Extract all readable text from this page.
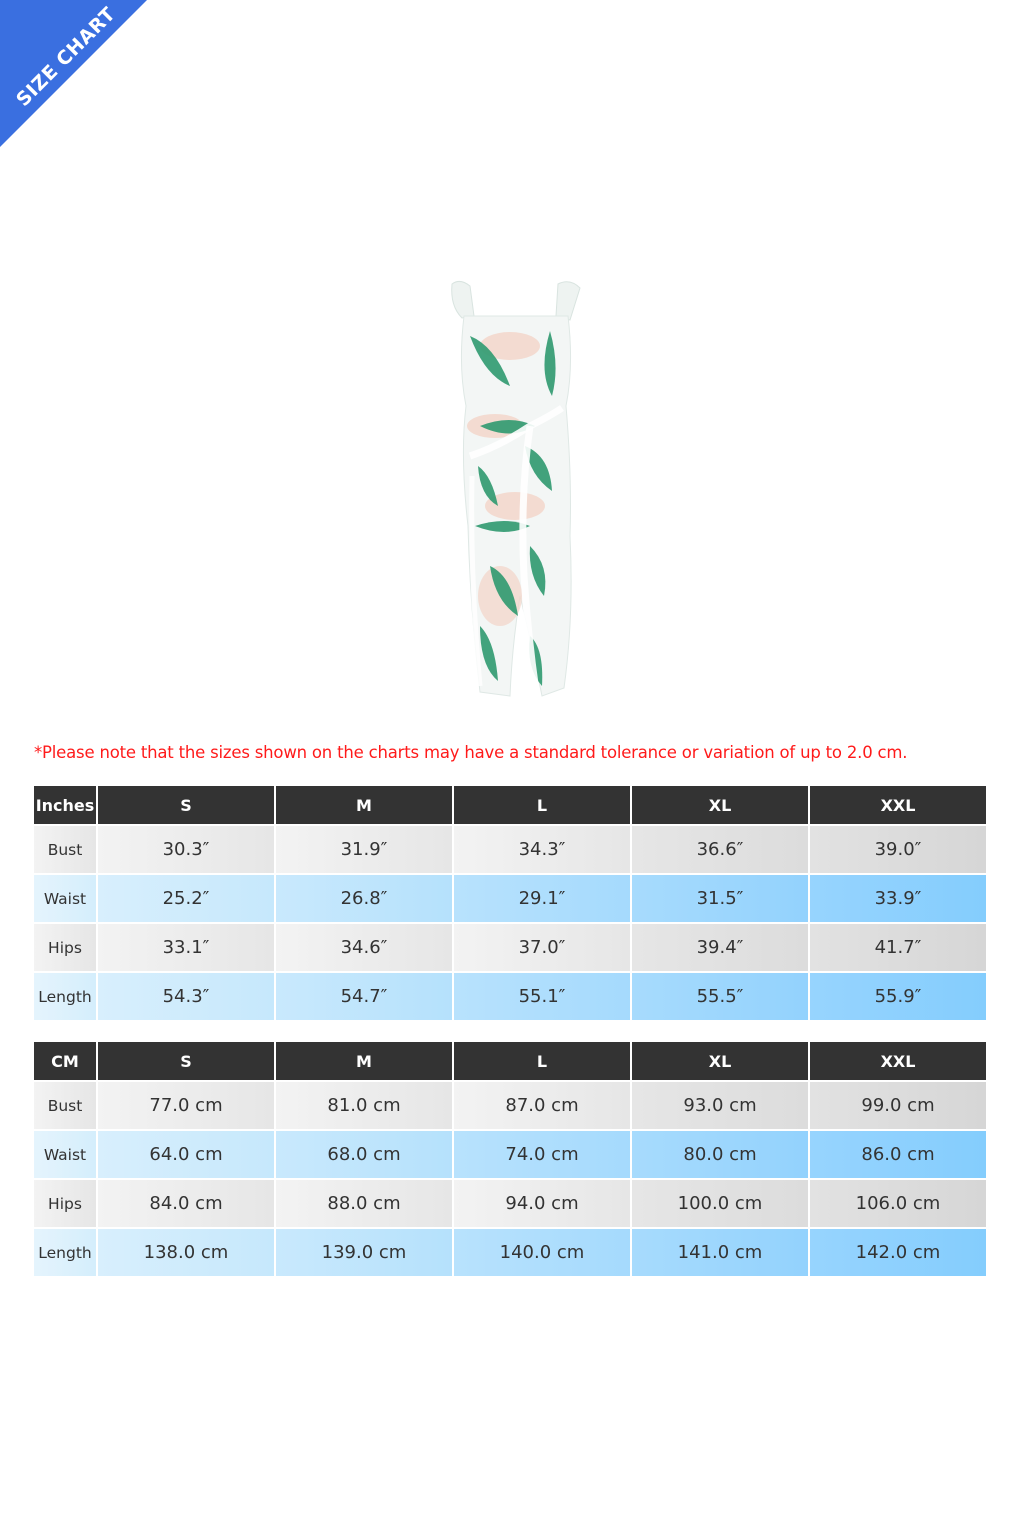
SIZE CHART
*Please note that the sizes shown on the charts may have a standard tolerance or variation of up to 2.0 cm.
Inches	S	M	L	XL	XXL
Bust	30.3″	31.9″	34.3″	36.6″	39.0″
Waist	25.2″	26.8″	29.1″	31.5″	33.9″
Hips	33.1″	34.6″	37.0″	39.4″	41.7″
Length	54.3″	54.7″	55.1″	55.5″	55.9″
CM	S	M	L	XL	XXL
Bust	77.0 cm	81.0 cm	87.0 cm	93.0 cm	99.0 cm
Waist	64.0 cm	68.0 cm	74.0 cm	80.0 cm	86.0 cm
Hips	84.0 cm	88.0 cm	94.0 cm	100.0 cm	106.0 cm
Length	138.0 cm	139.0 cm	140.0 cm	141.0 cm	142.0 cm
